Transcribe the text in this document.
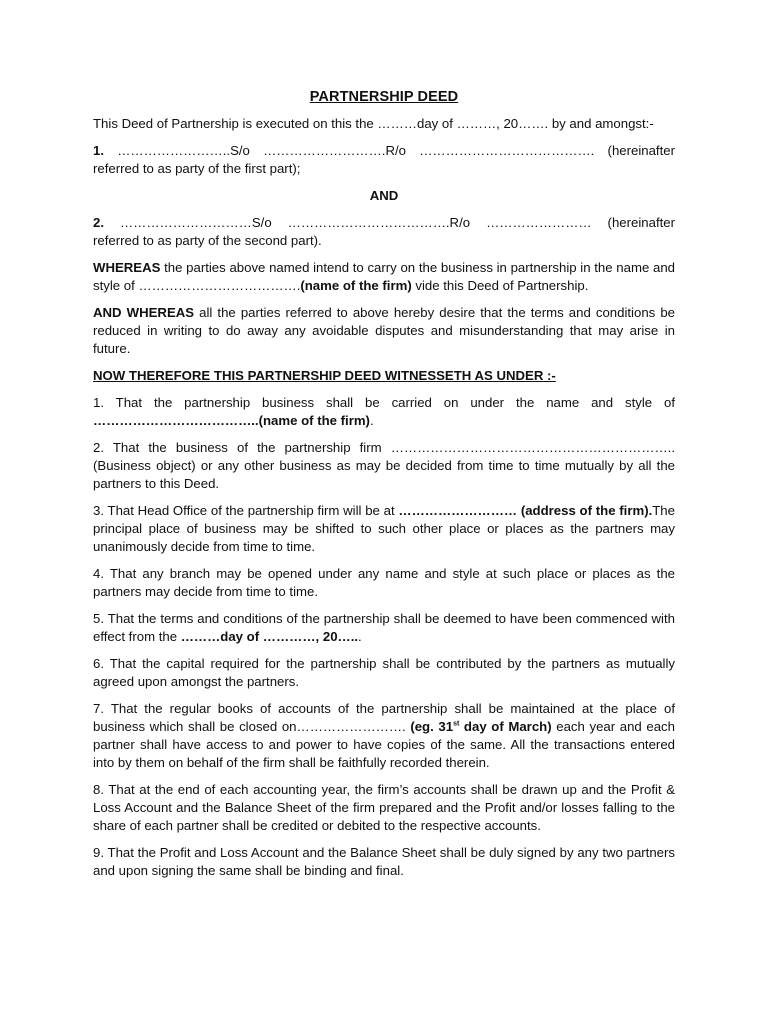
PARTNERSHIP DEED

This Deed of Partnership is executed on this the ………day of ………, 20……. by and amongst:-

1. ……………………..S/o ……………………….R/o …………………………………. (hereinafter referred to as party of the first part);

AND

2. …………………………S/o ……………………………….R/o …………………… (hereinafter referred to as party of the second part).

WHEREAS the parties above named intend to carry on the business in partnership in the name and style of ……………………………….(name of the firm) vide this Deed of Partnership.

AND WHEREAS all the parties referred to above hereby desire that the terms and conditions be reduced in writing to do away any avoidable disputes and misunderstanding that may arise in future.

NOW THEREFORE THIS PARTNERSHIP DEED WITNESSETH AS UNDER :-

1. That the partnership business shall be carried on under the name and style of ………………………………..(name of the firm).

2. That the business of the partnership firm ……………………………………………………….. (Business object) or any other business as may be decided from time to time mutually by all the partners to this Deed.

3. That Head Office of the partnership firm will be at ……………………… (address of the firm).The principal place of business may be shifted to such other place or places as the partners may unanimously decide from time to time.

4. That any branch may be opened under any name and style at such place or places as the partners may decide from time to time.

5. That the terms and conditions of the partnership shall be deemed to have been commenced with effect from the ………day of …………, 20…...

6. That the capital required for the partnership shall be contributed by the partners as mutually agreed upon amongst the partners.

7. That the regular books of accounts of the partnership shall be maintained at the place of business which shall be closed on……………………. (eg. 31st day of March) each year and each partner shall have access to and power to have copies of the same. All the transactions entered into by them on behalf of the firm shall be faithfully recorded therein.

8. That at the end of each accounting year, the firm’s accounts shall be drawn up and the Profit & Loss Account and the Balance Sheet of the firm prepared and the Profit and/or losses falling to the share of each partner shall be credited or debited to the respective accounts.

9. That the Profit and Loss Account and the Balance Sheet shall be duly signed by any two partners and upon signing the same shall be binding and final.
